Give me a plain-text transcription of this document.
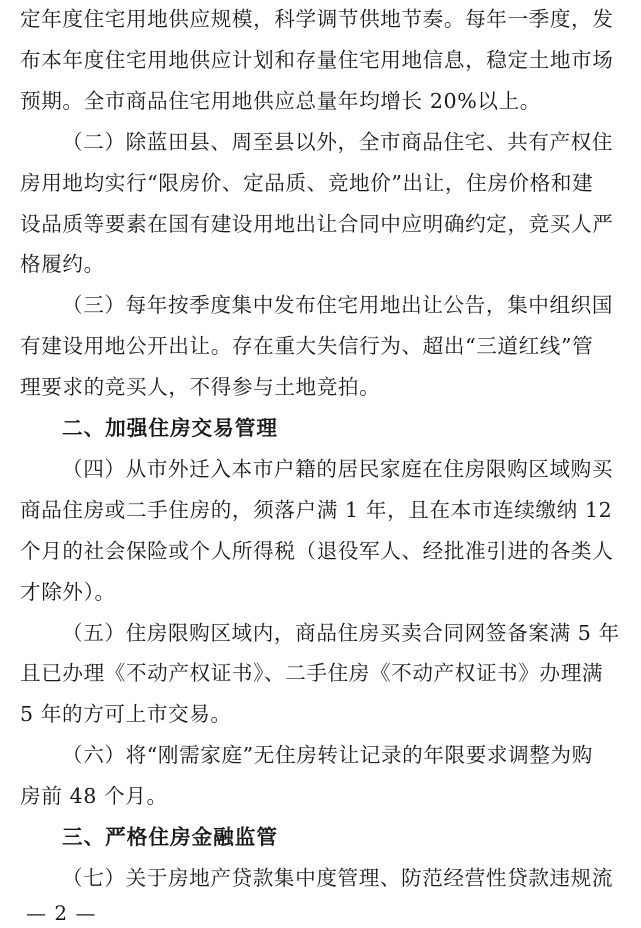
定年度住宅用地供应规模，科学调节供地节奏。每年一季度，发
布本年度住宅用地供应计划和存量住宅用地信息，稳定土地市场
预期。全市商品住宅用地供应总量年均增长 20%以上。
（二）除蓝田县、周至县以外，全市商品住宅、共有产权住
房用地均实行“限房价、定品质、竞地价”出让，住房价格和建
设品质等要素在国有建设用地出让合同中应明确约定，竞买人严
格履约。
（三）每年按季度集中发布住宅用地出让公告，集中组织国
有建设用地公开出让。存在重大失信行为、超出“三道红线”管
理要求的竞买人，不得参与土地竞拍。
二、加强住房交易管理
（四）从市外迁入本市户籍的居民家庭在住房限购区域购买
商品住房或二手住房的，须落户满 1 年，且在本市连续缴纳 12
个月的社会保险或个人所得税（退役军人、经批准引进的各类人
才除外）。
（五）住房限购区域内，商品住房买卖合同网签备案满 5 年
且已办理《不动产权证书》、二手住房《不动产权证书》办理满
5 年的方可上市交易。
（六）将“刚需家庭”无住房转让记录的年限要求调整为购
房前 48 个月。
三、严格住房金融监管
（七）关于房地产贷款集中度管理、防范经营性贷款违规流
— 2 —
